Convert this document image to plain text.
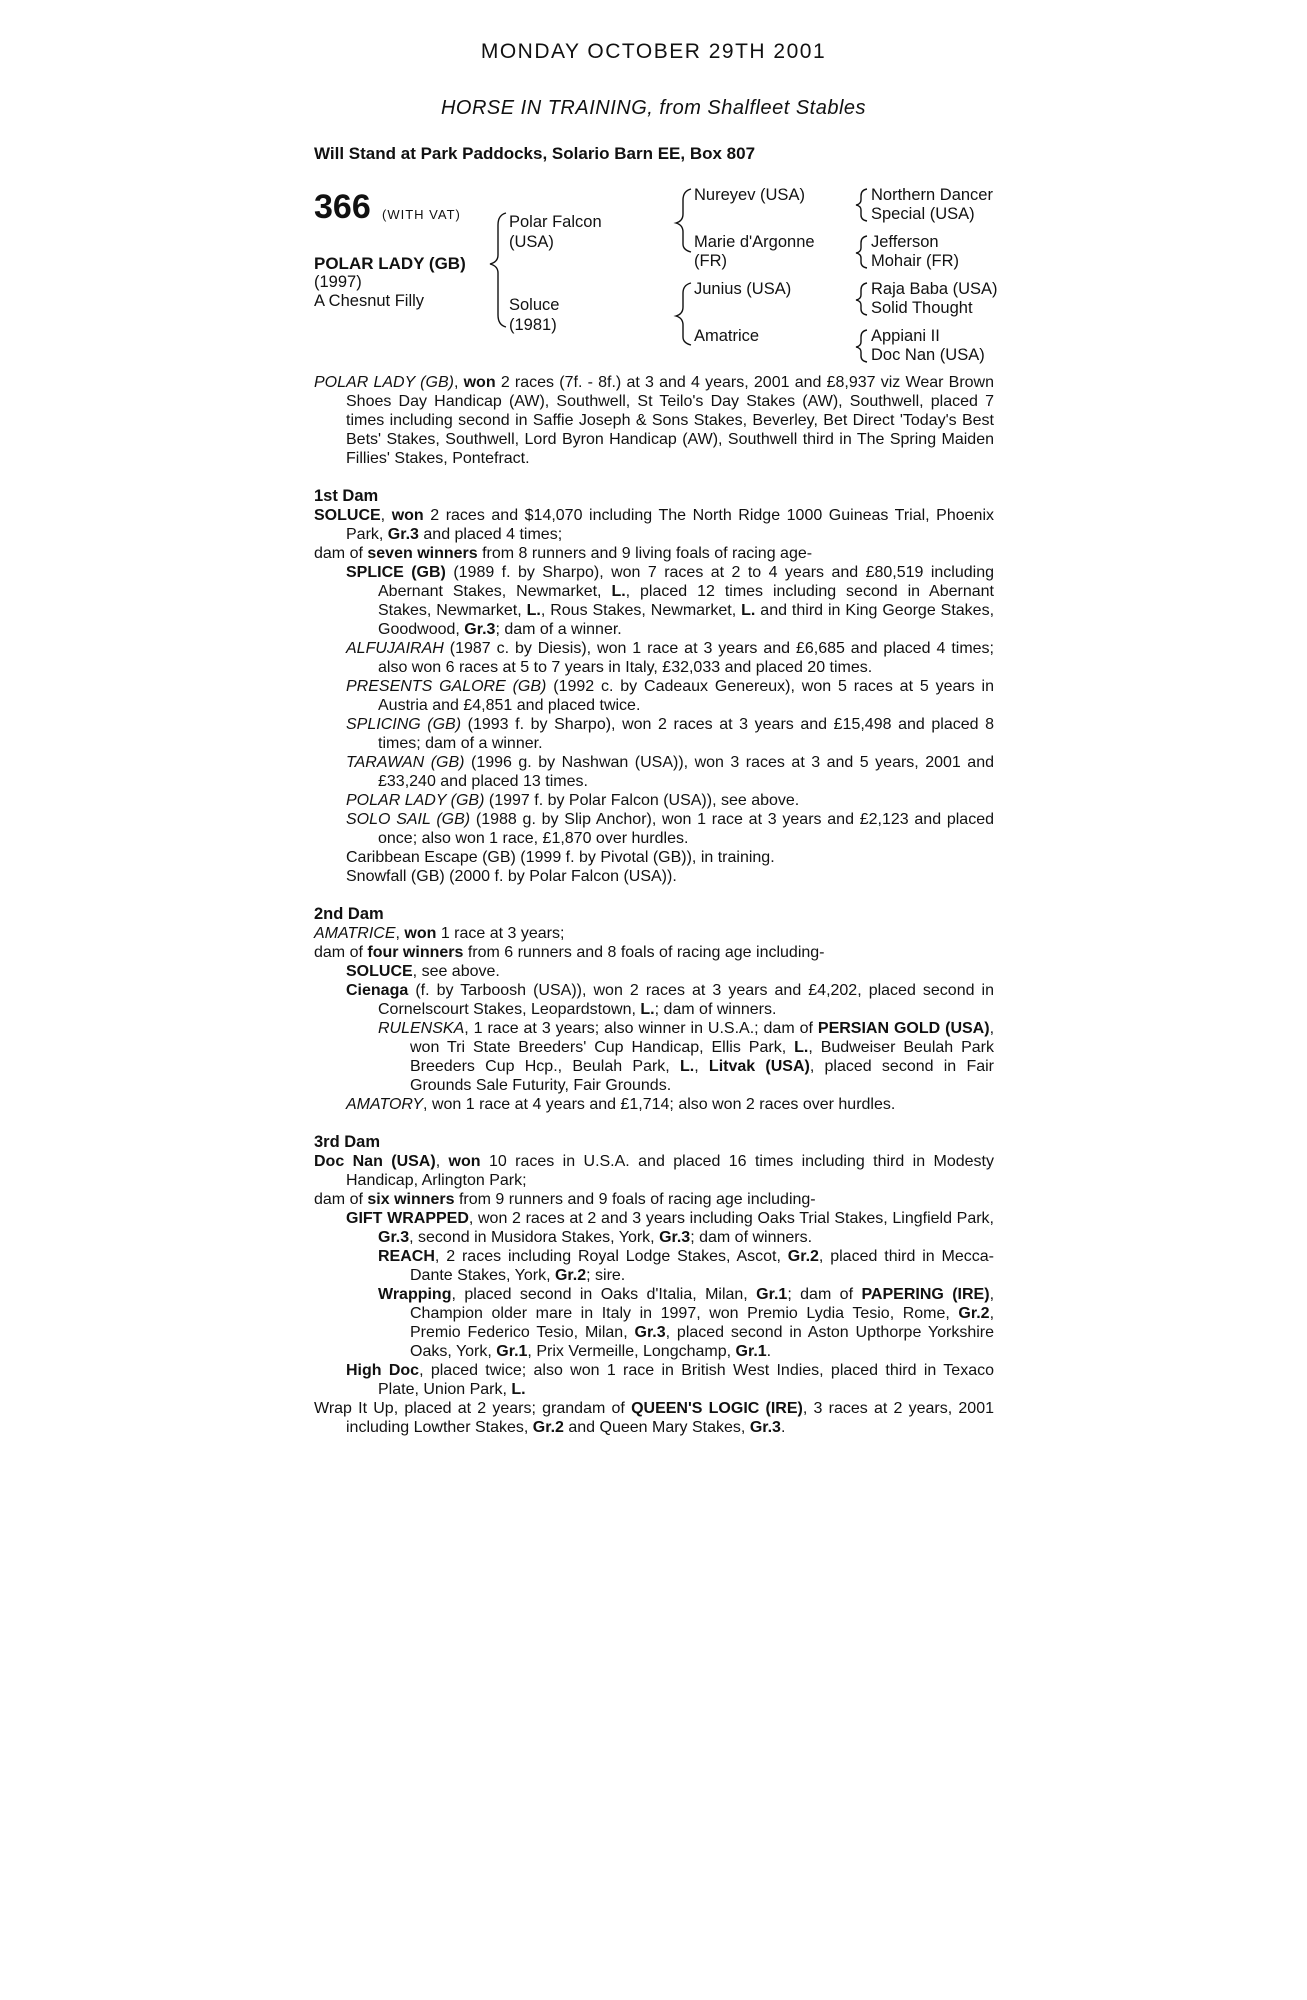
MONDAY OCTOBER 29TH 2001
HORSE IN TRAINING, from Shalfleet Stables
Will Stand at Park Paddocks, Solario Barn EE, Box 807
366 (WITH VAT)
POLAR LADY (GB)
(1997)
A Chesnut Filly
Polar Falcon
(USA)
Soluce
(1981)
Nureyev (USA)
Marie d'Argonne
(FR)
Junius (USA)
Amatrice
Northern Dancer
Special (USA)
Jefferson
Mohair (FR)
Raja Baba (USA)
Solid Thought
Appiani II
Doc Nan (USA)

POLAR LADY (GB), won 2 races (7f. - 8f.) at 3 and 4 years, 2001 and £8,937 viz Wear Brown Shoes Day Handicap (AW), Southwell, St Teilo's Day Stakes (AW), Southwell, placed 7 times including second in Saffie Joseph & Sons Stakes, Beverley, Bet Direct 'Today's Best Bets' Stakes, Southwell, Lord Byron Handicap (AW), Southwell third in The Spring Maiden Fillies' Stakes, Pontefract.

1st Dam

SOLUCE, won 2 races and $14,070 including The North Ridge 1000 Guineas Trial, Phoenix Park, Gr.3 and placed 4 times;

dam of seven winners from 8 runners and 9 living foals of racing age-

SPLICE (GB) (1989 f. by Sharpo), won 7 races at 2 to 4 years and £80,519 including Abernant Stakes, Newmarket, L., placed 12 times including second in Abernant Stakes, Newmarket, L., Rous Stakes, Newmarket, L. and third in King George Stakes, Goodwood, Gr.3; dam of a winner.

ALFUJAIRAH (1987 c. by Diesis), won 1 race at 3 years and £6,685 and placed 4 times; also won 6 races at 5 to 7 years in Italy, £32,033 and placed 20 times.

PRESENTS GALORE (GB) (1992 c. by Cadeaux Genereux), won 5 races at 5 years in Austria and £4,851 and placed twice.

SPLICING (GB) (1993 f. by Sharpo), won 2 races at 3 years and £15,498 and placed 8 times; dam of a winner.

TARAWAN (GB) (1996 g. by Nashwan (USA)), won 3 races at 3 and 5 years, 2001 and £33,240 and placed 13 times.

POLAR LADY (GB) (1997 f. by Polar Falcon (USA)), see above.

SOLO SAIL (GB) (1988 g. by Slip Anchor), won 1 race at 3 years and £2,123 and placed once; also won 1 race, £1,870 over hurdles.

Caribbean Escape (GB) (1999 f. by Pivotal (GB)), in training.

Snowfall (GB) (2000 f. by Polar Falcon (USA)).

2nd Dam

AMATRICE, won 1 race at 3 years;

dam of four winners from 6 runners and 8 foals of racing age including-

SOLUCE, see above.

Cienaga (f. by Tarboosh (USA)), won 2 races at 3 years and £4,202, placed second in Cornelscourt Stakes, Leopardstown, L.; dam of winners.

RULENSKA, 1 race at 3 years; also winner in U.S.A.; dam of PERSIAN GOLD (USA), won Tri State Breeders' Cup Handicap, Ellis Park, L., Budweiser Beulah Park Breeders Cup Hcp., Beulah Park, L., Litvak (USA), placed second in Fair Grounds Sale Futurity, Fair Grounds.

AMATORY, won 1 race at 4 years and £1,714; also won 2 races over hurdles.

3rd Dam

Doc Nan (USA), won 10 races in U.S.A. and placed 16 times including third in Modesty Handicap, Arlington Park;

dam of six winners from 9 runners and 9 foals of racing age including-

GIFT WRAPPED, won 2 races at 2 and 3 years including Oaks Trial Stakes, Lingfield Park, Gr.3, second in Musidora Stakes, York, Gr.3; dam of winners.

REACH, 2 races including Royal Lodge Stakes, Ascot, Gr.2, placed third in Mecca-Dante Stakes, York, Gr.2; sire.

Wrapping, placed second in Oaks d'Italia, Milan, Gr.1; dam of PAPERING (IRE), Champion older mare in Italy in 1997, won Premio Lydia Tesio, Rome, Gr.2, Premio Federico Tesio, Milan, Gr.3, placed second in Aston Upthorpe Yorkshire Oaks, York, Gr.1, Prix Vermeille, Longchamp, Gr.1.

High Doc, placed twice; also won 1 race in British West Indies, placed third in Texaco Plate, Union Park, L.

Wrap It Up, placed at 2 years; grandam of QUEEN'S LOGIC (IRE), 3 races at 2 years, 2001 including Lowther Stakes, Gr.2 and Queen Mary Stakes, Gr.3.
